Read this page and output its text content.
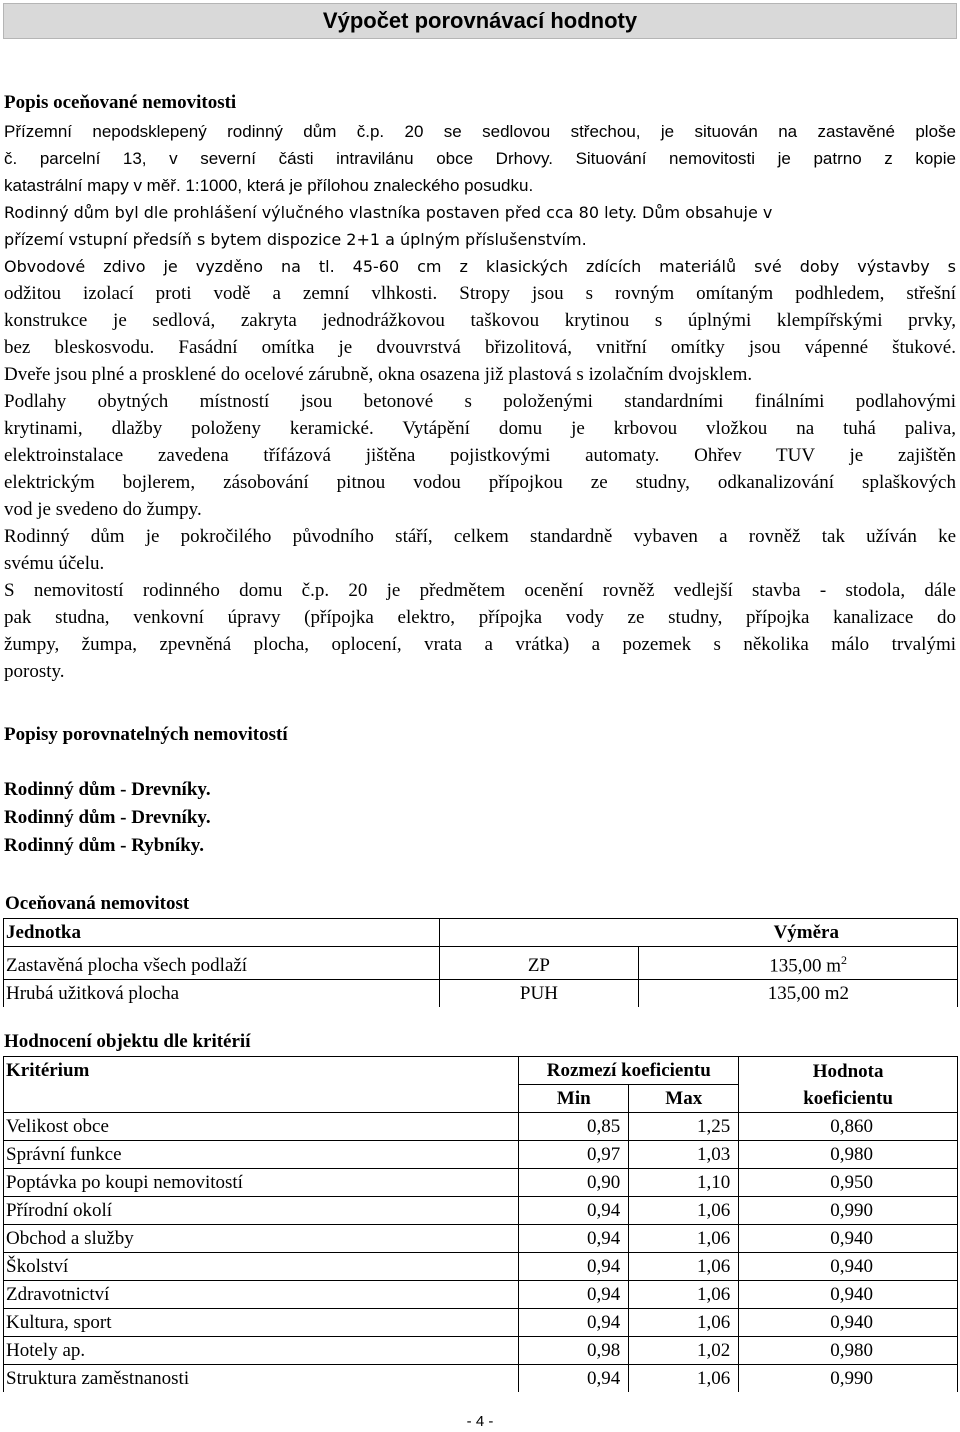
Výpočet porovnávací hodnoty
Popis oceňované nemovitosti
Přízemní nepodsklepený rodinný dům č.p. 20 se sedlovou střechou, je situován na zastavěné ploše
č. parcelní 13, v severní části intravilánu obce Drhovy. Situování nemovitosti je patrno z kopie
katastrální mapy v měř. 1:1000, která je přílohou znaleckého posudku.
Rodinný dům byl dle prohlášení výlučného vlastníka postaven před cca 80 lety. Dům obsahuje v
přízemí vstupní předsíň s bytem dispozice 2+1 a úplným příslušenstvím.
Obvodové zdivo je vyzděno na tl. 45-60 cm z klasických zdících materiálů své doby výstavby s
odžitou izolací proti vodě a zemní vlhkosti. Stropy jsou s rovným omítaným podhledem, střešní
konstrukce je sedlová, zakryta jednodrážkovou taškovou krytinou s úplnými klempířskými prvky,
bez bleskosvodu. Fasádní omítka je dvouvrstvá břizolitová, vnitřní omítky jsou vápenné štukové.
Dveře jsou plné a prosklené do ocelové zárubně, okna osazena již plastová s izolačním dvojsklem.
Podlahy obytných místností jsou betonové s položenými standardními finálními podlahovými
krytinami, dlažby položeny keramické. Vytápění domu je krbovou vložkou na tuhá paliva,
elektroinstalace zavedena třífázová jištěna pojistkovými automaty. Ohřev TUV je zajištěn
elektrickým bojlerem, zásobování pitnou vodou přípojkou ze studny, odkanalizování splaškových
vod je svedeno do žumpy.
Rodinný dům je pokročilého původního stáří, celkem standardně vybaven a rovněž tak užíván ke
svému účelu.
S nemovitostí rodinného domu č.p. 20 je předmětem ocenění rovněž vedlejší stavba - stodola, dále
pak studna, venkovní úpravy (přípojka elektro, přípojka vody ze studny, přípojka kanalizace do
žumpy, žumpa, zpevněná plocha, oplocení, vrata a vrátka) a pozemek s několika málo trvalými
porosty.
Popisy porovnatelných nemovitostí
Rodinný dům - Drevníky.
Rodinný dům - Drevníky.
Rodinný dům - Rybníky.
Oceňovaná nemovitost
Jednotka		Výměra
Zastavěná plocha všech podlaží	ZP	135,00 $m^2$
Hrubá užitková plocha	PUH	135,00 m2
Hodnocení objektu dle kritérií
Kritérium	Rozmezí koeficientu		Hodnota
	Min	Max	koeficientu
Velikost obce	0,85	1,25	0,860
Správní funkce	0,97	1,03	0,980
Poptávka po koupi nemovitostí	0,90	1,10	0,950
Přírodní okolí	0,94	1,06	0,990
Obchod a služby	0,94	1,06	0,940
Školství	0,94	1,06	0,940
Zdravotnictví	0,94	1,06	0,940
Kultura, sport	0,94	1,06	0,940
Hotely ap.	0,98	1,02	0,980
Struktura zaměstnanosti	0,94	1,06	0,990
- 4 -
